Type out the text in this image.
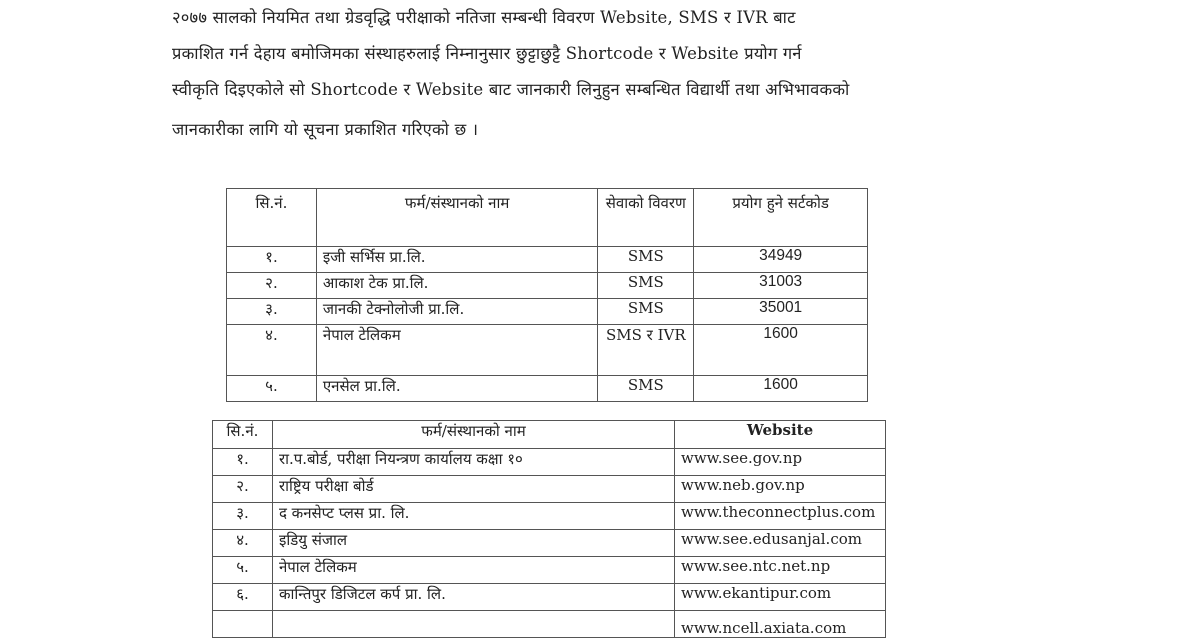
२०७७ सालको नियमित तथा ग्रेडवृद्धि परीक्षाको नतिजा सम्बन्धी विवरण Website, SMS र IVR बाट

प्रकाशित गर्न देहाय बमोजिमका संस्थाहरुलाई निम्नानुसार छुट्टाछुट्टै Shortcode र Website प्रयोग गर्न

स्वीकृति दिइएकोले सो Shortcode र Website बाट जानकारी लिनुहुन सम्बन्धित विद्यार्थी तथा अभिभावकको

जानकारीका लागि यो सूचना प्रकाशित गरिएको छ ।

सि.नं.	फर्म/संस्थानको नाम	सेवाको विवरण	प्रयोग हुने सर्टकोड
१.	इजी सर्भिस प्रा.लि.	SMS	34949
२.	आकाश टेक प्रा.लि.	SMS	31003
३.	जानकी टेक्नोलोजी प्रा.लि.	SMS	35001
४.	नेपाल टेलिकम	SMS र IVR	1600
५.	एनसेल प्रा.लि.	SMS	1600
सि.नं.	फर्म/संस्थानको नाम	Website
१.	रा.प.बोर्ड, परीक्षा नियन्त्रण कार्यालय कक्षा १०	www.see.gov.np
२.	राष्ट्रिय परीक्षा बोर्ड	www.neb.gov.np
३.	द कनसेप्ट प्लस प्रा. लि.	www.theconnectplus.com
४.	इडियु संजाल	www.see.edusanjal.com
५.	नेपाल टेलिकम	www.see.ntc.net.np
६.	कान्तिपुर डिजिटल कर्प प्रा. लि.	www.ekantipur.com
		www.ncell.axiata.com
